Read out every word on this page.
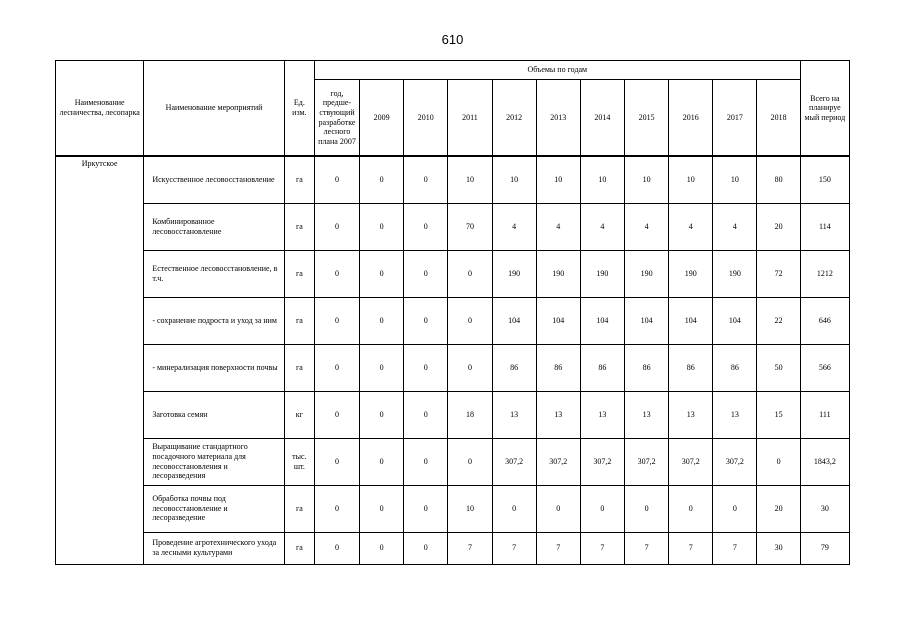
610
Наименование лесничества, лесопарка	Наименование мероприятий	Ед. изм.	Объемы по годам											Всего на планируе мый период
			год, предше-ствующий разработке лесного плана 2007	2009	2010	2011	2012	2013	2014	2015	2016	2017	2018	
Иркутское	Искусственное лесовосстановление	га	0	0	0	10	10	10	10	10	10	10	80	150
	Комбинированное лесовосстановление	га	0	0	0	70	4	4	4	4	4	4	20	114
	Естественное лесовосстановление, в т.ч.	га	0	0	0	0	190	190	190	190	190	190	72	1212
	- сохранение подроста и уход за ним	га	0	0	0	0	104	104	104	104	104	104	22	646
	- минерализация поверхности почвы	га	0	0	0	0	86	86	86	86	86	86	50	566
	Заготовка семян	кг	0	0	0	18	13	13	13	13	13	13	15	111
	Выращивание стандартного посадочного материала для лесовосстановления и лесоразведения	тыс. шт.	0	0	0	0	307,2	307,2	307,2	307,2	307,2	307,2	0	1843,2
	Обработка почвы под лесовосстановление и лесоразведение	га	0	0	0	10	0	0	0	0	0	0	20	30
	Проведение агротехнического ухода за лесными культурами	га	0	0	0	7	7	7	7	7	7	7	30	79
